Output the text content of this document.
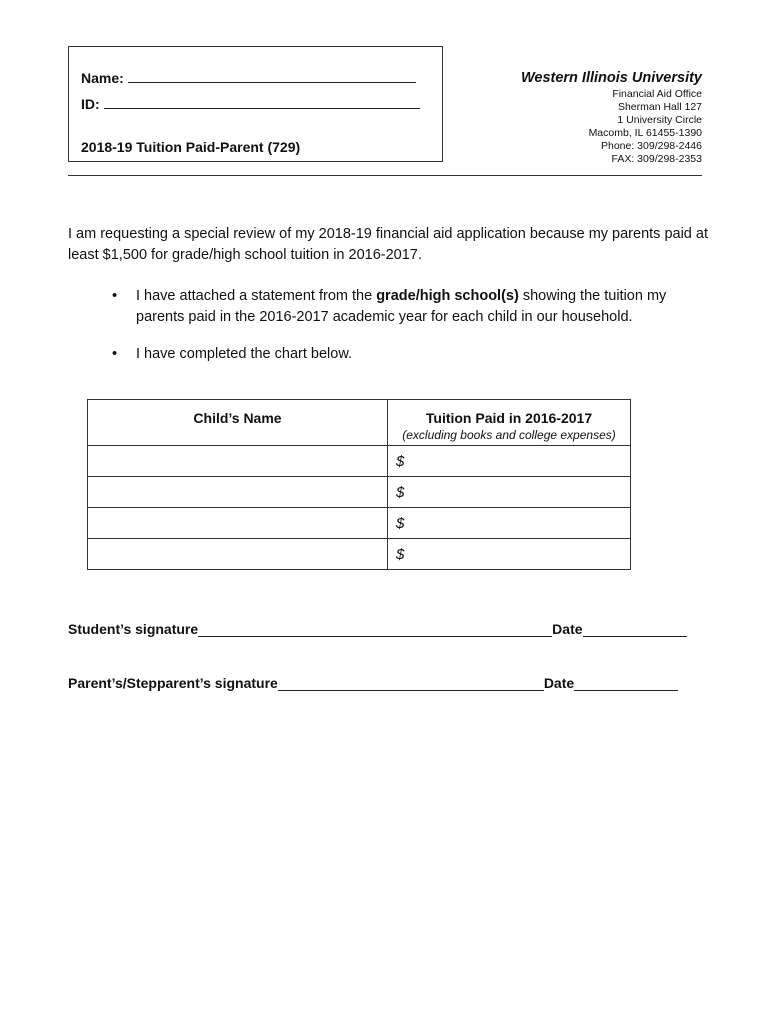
Name:
ID:
2018-19 Tuition Paid-Parent (729)
Western Illinois University
Financial Aid Office
Sherman Hall 127
1 University Circle
Macomb, IL 61455-1390
Phone: 309/298-2446
FAX: 309/298-2353
I am requesting a special review of my 2018-19 financial aid application because my parents paid at least $1,500 for grade/high school tuition in 2016-2017.
• I have attached a statement from the grade/high school(s) showing the tuition my parents paid in the 2016-2017 academic year for each child in our household.
• I have completed the chart below.
Child’s Name	Tuition Paid in 2016-2017
(excluding books and college expenses)

	$
	$
	$
	$
Student’s signature	Date
Parent’s/Stepparent’s signature	Date
